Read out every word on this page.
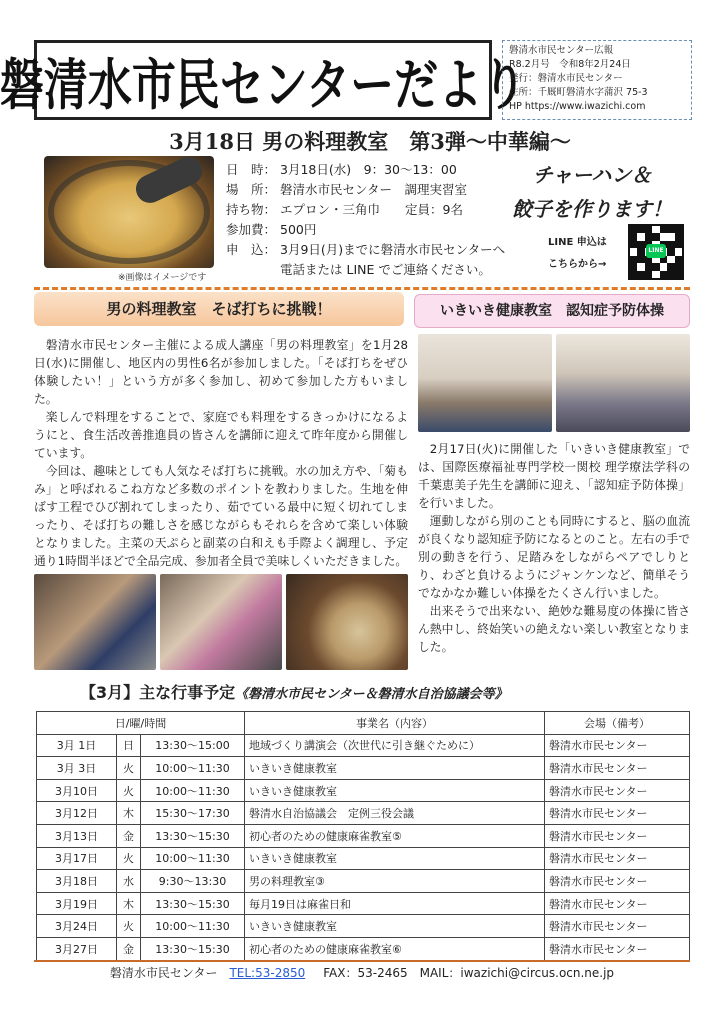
磐清水市民センターだより
磐清水市民センター広報
R8.2月号　令和8年2月24日
発行：磐清水市民センター
住所：千厩町磐清水字蒲沢 75-3
HP https://www.iwazichi.com
3月18日 男の料理教室　第3弾〜中華編〜
※画像はイメージです
日　時： 3月18日(水)　9：30〜13：00
場　所： 磐清水市民センター　調理実習室
持ち物： エプロン・三角巾　　定員：9名
参加費： 500円
申　込： 3月9日(月)までに磐清水市民センターへ
電話または LINE でご連絡ください。
チャーハン＆
餃子を作ります！
LINE 申込は
こちらから→
LINE
男の料理教室　そば打ちに挑戦！	いきいき健康教室　認知症予防体操

磐清水市民センター主催による成人講座「男の料理教室」を1月28日(水)に開催し、地区内の男性6名が参加しました。「そば打ちをぜひ体験したい！」という方が多く参加し、初めて参加した方もいました。

楽しんで料理をすることで、家庭でも料理をするきっかけになるようにと、食生活改善推進員の皆さんを講師に迎えて昨年度から開催しています。

今回は、趣味としても人気なそば打ちに挑戦。水の加え方や、「菊もみ」と呼ばれるこね方など多数のポイントを教わりました。生地を伸ばす工程でひび割れてしまったり、茹でている最中に短く切れてしまったり、そば打ちの難しさを感じながらもそれらを含めて楽しい体験となりました。主菜の天ぷらと副菜の白和えも手際よく調理し、予定通り1時間半ほどで全品完成、参加者全員で美味しくいただきました。

2月17日(火)に開催した「いきいき健康教室」では、国際医療福祉専門学校一関校 理学療法学科の千葉恵美子先生を講師に迎え、「認知症予防体操」を行いました。

運動しながら別のことも同時にすると、脳の血流が良くなり認知症予防になるとのこと。左右の手で別の動きを行う、足踏みをしながらペアでしりとり、わざと負けるようにジャンケンなど、簡単そうでなかなか難しい体操をたくさん行いました。

出来そうで出来ない、絶妙な難易度の体操に皆さん熱中し、終始笑いの絶えない楽しい教室となりました。

【3月】主な行事予定《磐清水市民センター＆磐清水自治協議会等》
日/曜/時間			事業名（内容）	会場（備考）
3月 1日	日	13:30〜15:00	地域づくり講演会（次世代に引き継ぐために）	磐清水市民センター
3月 3日	火	10:00〜11:30	いきいき健康教室	磐清水市民センター
3月10日	火	10:00〜11:30	いきいき健康教室	磐清水市民センター
3月12日	木	15:30〜17:30	磐清水自治協議会　定例三役会議	磐清水市民センター
3月13日	金	13:30〜15:30	初心者のための健康麻雀教室⑤	磐清水市民センター
3月17日	火	10:00〜11:30	いきいき健康教室	磐清水市民センター
3月18日	水	9:30〜13:30	男の料理教室③	磐清水市民センター
3月19日	木	13:30〜15:30	毎月19日は麻雀日和	磐清水市民センター
3月24日	火	10:00〜11:30	いきいき健康教室	磐清水市民センター
3月27日	金	13:30〜15:30	初心者のための健康麻雀教室⑥	磐清水市民センター
磐清水市民センター TEL:53-2850 FAX：53-2465 MAIL：iwazichi@circus.ocn.ne.jp
